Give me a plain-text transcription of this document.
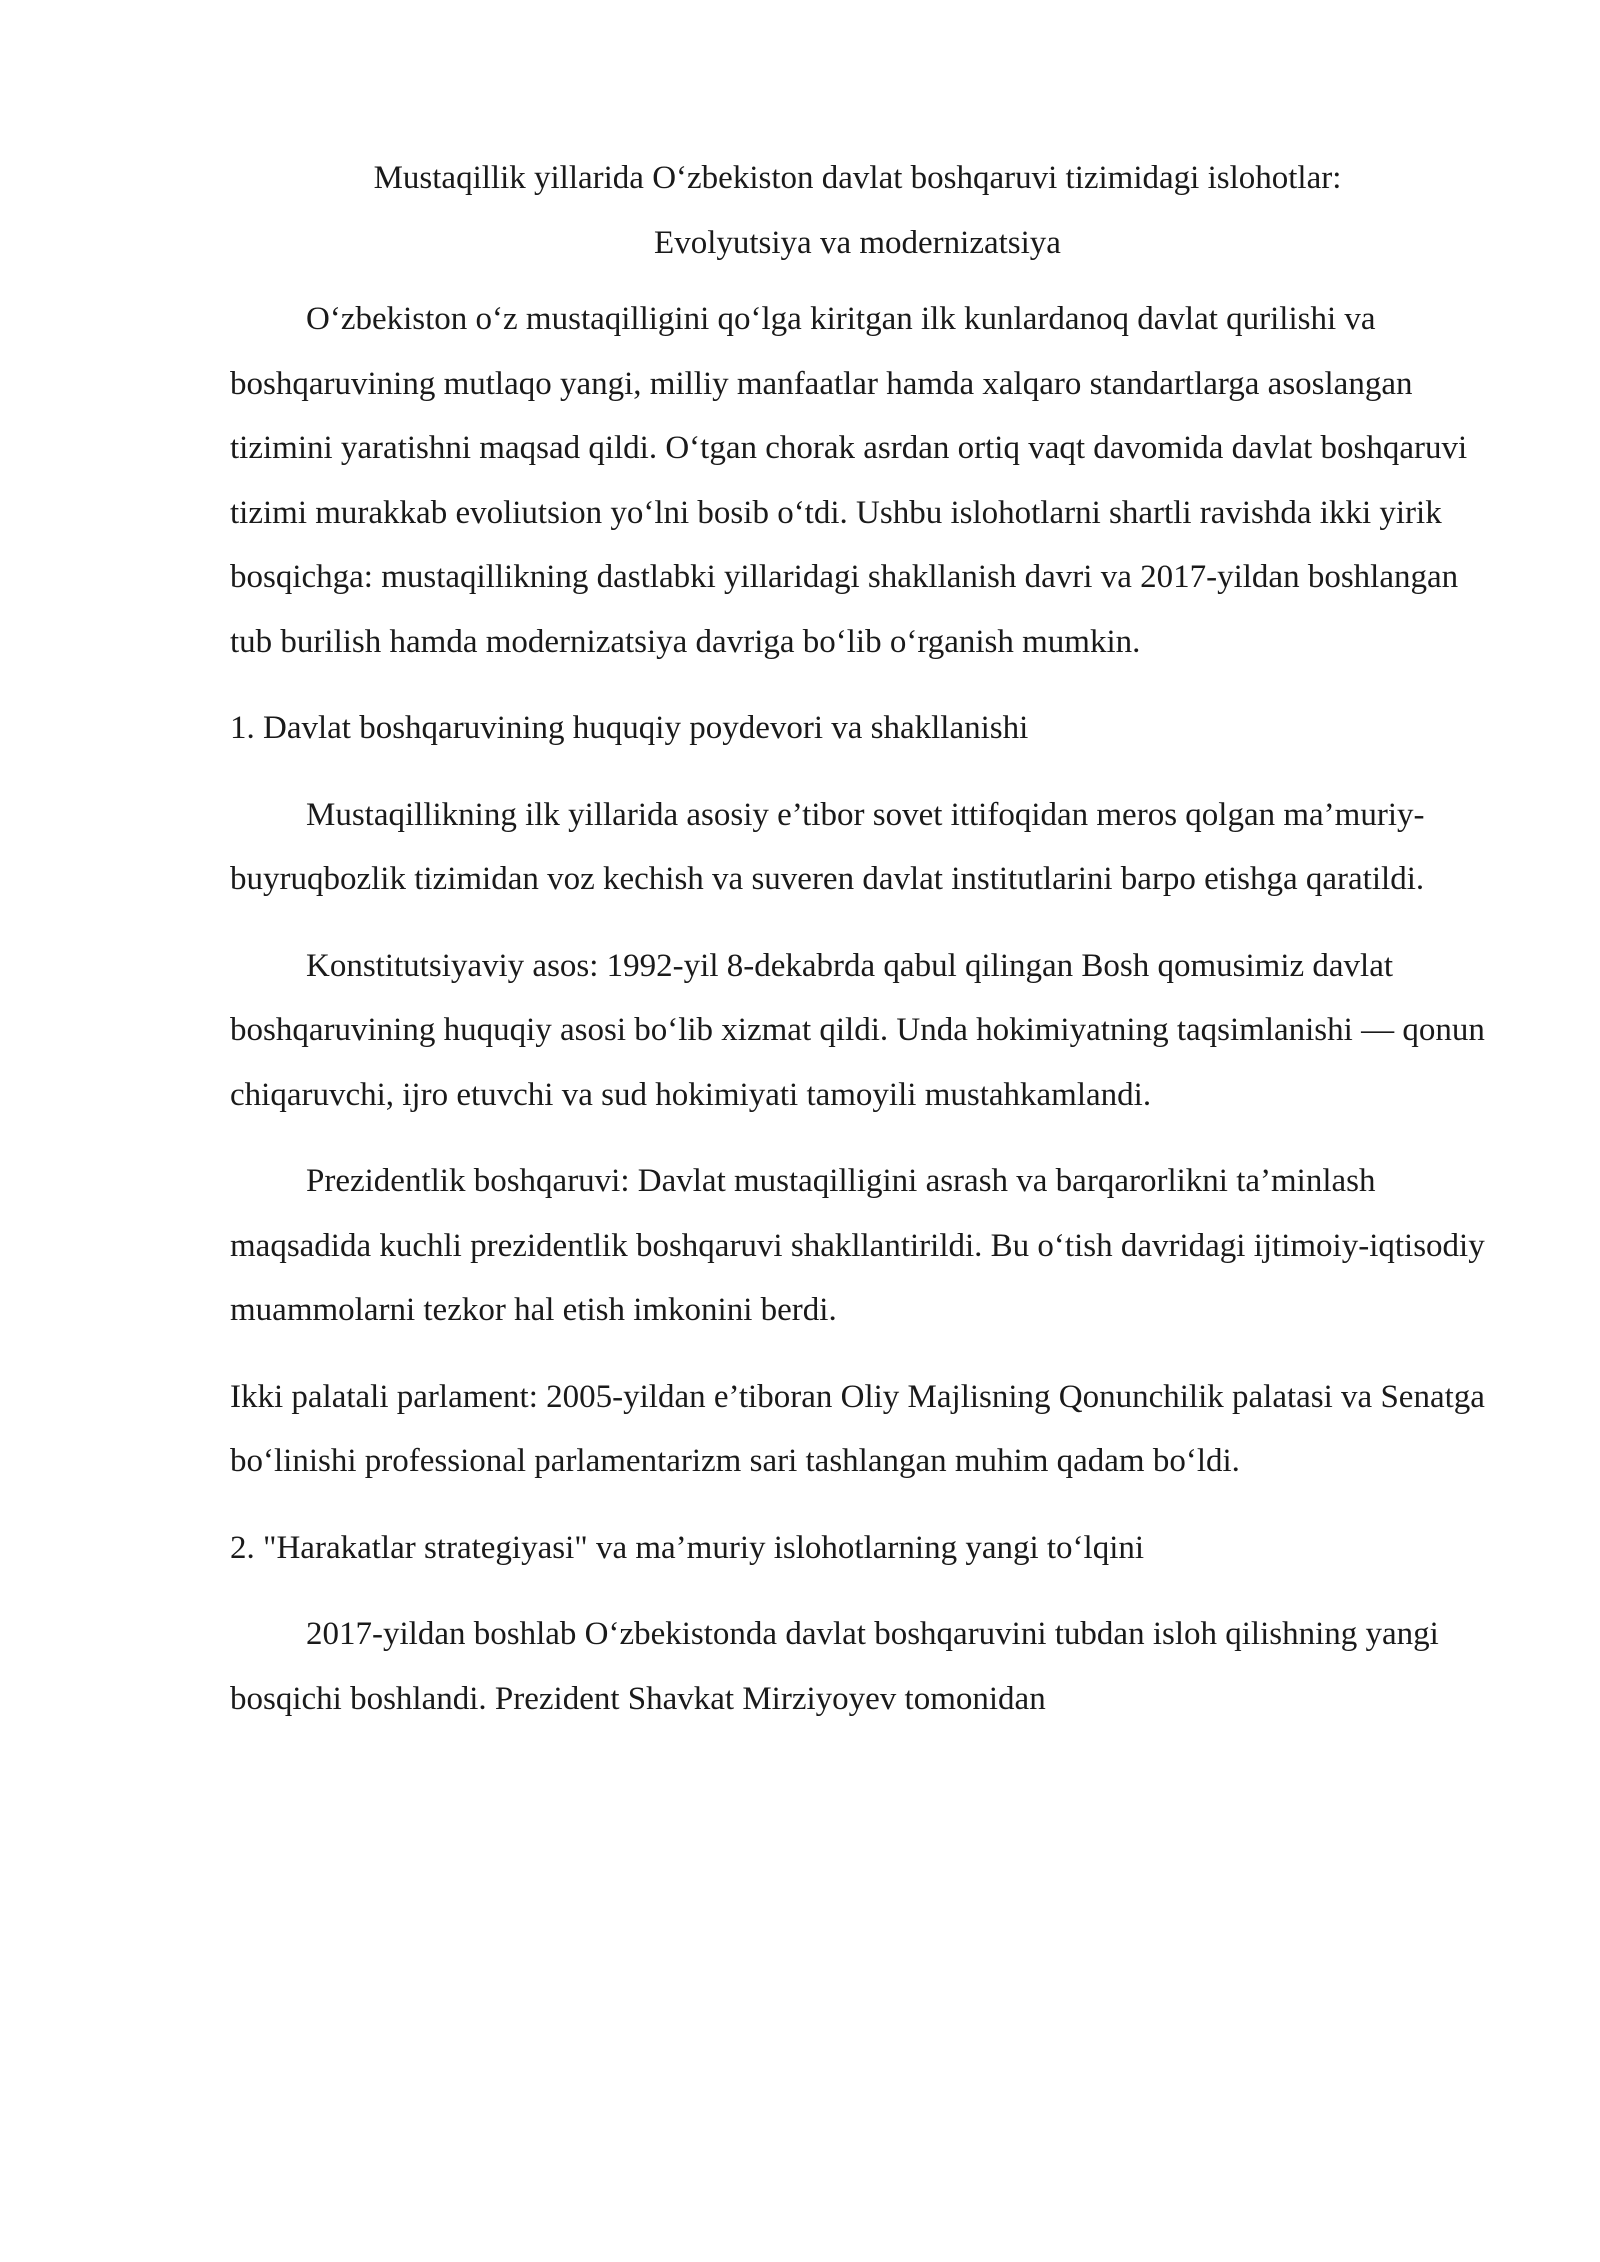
Mustaqillik yillarida O‘zbekiston davlat boshqaruvi tizimidagi islohotlar:
Evolyutsiya va modernizatsiya

O‘zbekiston o‘z mustaqilligini qo‘lga kiritgan ilk kunlardanoq davlat qurilishi va boshqaruvining mutlaqo yangi, milliy manfaatlar hamda xalqaro standartlarga asoslangan tizimini yaratishni maqsad qildi. O‘tgan chorak asrdan ortiq vaqt davomida davlat boshqaruvi tizimi murakkab evoliutsion yo‘lni bosib o‘tdi. Ushbu islohotlarni shartli ravishda ikki yirik bosqichga: mustaqillikning dastlabki yillaridagi shakllanish davri va 2017-yildan boshlangan tub burilish hamda modernizatsiya davriga bo‘lib o‘rganish mumkin.

1. Davlat boshqaruvining huquqiy poydevori va shakllanishi

Mustaqillikning ilk yillarida asosiy e’tibor sovet ittifoqidan meros qolgan ma’muriy-buyruqbozlik tizimidan voz kechish va suveren davlat institutlarini barpo etishga qaratildi.

Konstitutsiyaviy asos: 1992-yil 8-dekabrda qabul qilingan Bosh qomusimiz davlat boshqaruvining huquqiy asosi bo‘lib xizmat qildi. Unda hokimiyatning taqsimlanishi — qonun chiqaruvchi, ijro etuvchi va sud hokimiyati tamoyili mustahkamlandi.

Prezidentlik boshqaruvi: Davlat mustaqilligini asrash va barqarorlikni ta’minlash maqsadida kuchli prezidentlik boshqaruvi shakllantirildi. Bu o‘tish davridagi ijtimoiy-iqtisodiy muammolarni tezkor hal etish imkonini berdi.

Ikki palatali parlament: 2005-yildan e’tiboran Oliy Majlisning Qonunchilik palatasi va Senatga bo‘linishi professional parlamentarizm sari tashlangan muhim qadam bo‘ldi.

2. "Harakatlar strategiyasi" va ma’muriy islohotlarning yangi to‘lqini

2017-yildan boshlab O‘zbekistonda davlat boshqaruvini tubdan isloh qilishning yangi bosqichi boshlandi. Prezident Shavkat Mirziyoyev tomonidan
